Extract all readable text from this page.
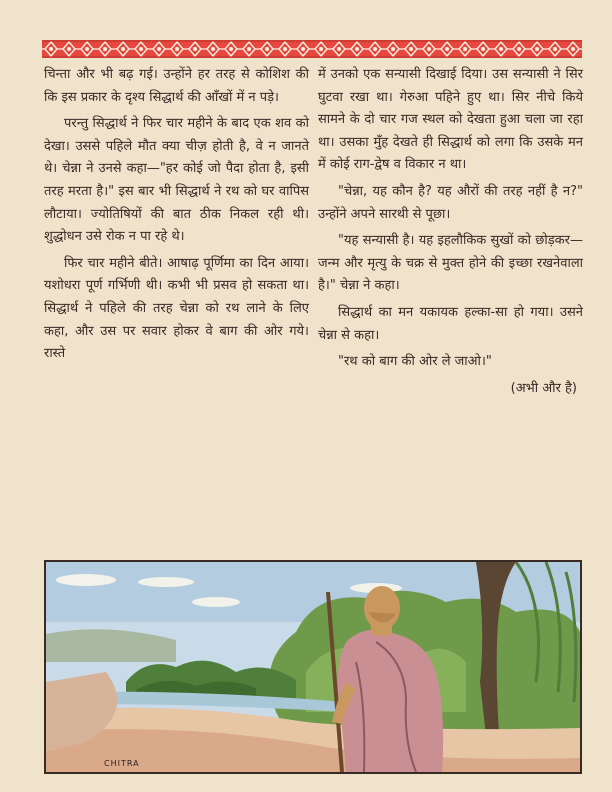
चिन्ता और भी बढ़ गई। उन्होंने हर तरह से कोशिश की कि इस प्रकार के दृश्य सिद्धार्थ की आँखों में न पड़े।

परन्तु सिद्धार्थ ने फिर चार महीने के बाद एक शव को देखा। उससे पहिले मौत क्या चीज़ होती है, वे न जानते थे। चेन्ना ने उनसे कहा—"हर कोई जो पैदा होता है, इसी तरह मरता है।" इस बार भी सिद्धार्थ ने रथ को घर वापिस लौटाया। ज्योतिषियों की बात ठीक निकल रही थी। शुद्धोधन उसे रोक न पा रहे थे।

फिर चार महीने बीते। आषाढ़ पूर्णिमा का दिन आया। यशोधरा पूर्ण गर्भिणी थी। कभी भी प्रसव हो सकता था। सिद्धार्थ ने पहिले की तरह चेन्ना को रथ लाने के लिए कहा, और उस पर सवार होकर वे बाग की ओर गये। रास्ते

में उनको एक सन्यासी दिखाई दिया। उस सन्यासी ने सिर घुटवा रखा था। गेरुआ पहिने हुए था। सिर नीचे किये सामने के दो चार गज स्थल को देखता हुआ चला जा रहा था। उसका मुँह देखते ही सिद्धार्थ को लगा कि उसके मन में कोई राग-द्वेष व विकार न था।

"चेन्ना, यह कौन है? यह औरों की तरह नहीं है न?" उन्होंने अपने सारथी से पूछा।

"यह सन्यासी है। यह इहलौकिक सुखों को छोड़कर—जन्म और मृत्यु के चक्र से मुक्त होने की इच्छा रखनेवाला है।" चेन्ना ने कहा।

सिद्धार्थ का मन यकायक हल्का-सा हो गया। उसने चेन्ना से कहा।

"रथ को बाग की ओर ले जाओ।"

(अभी और है)
CHITRA
